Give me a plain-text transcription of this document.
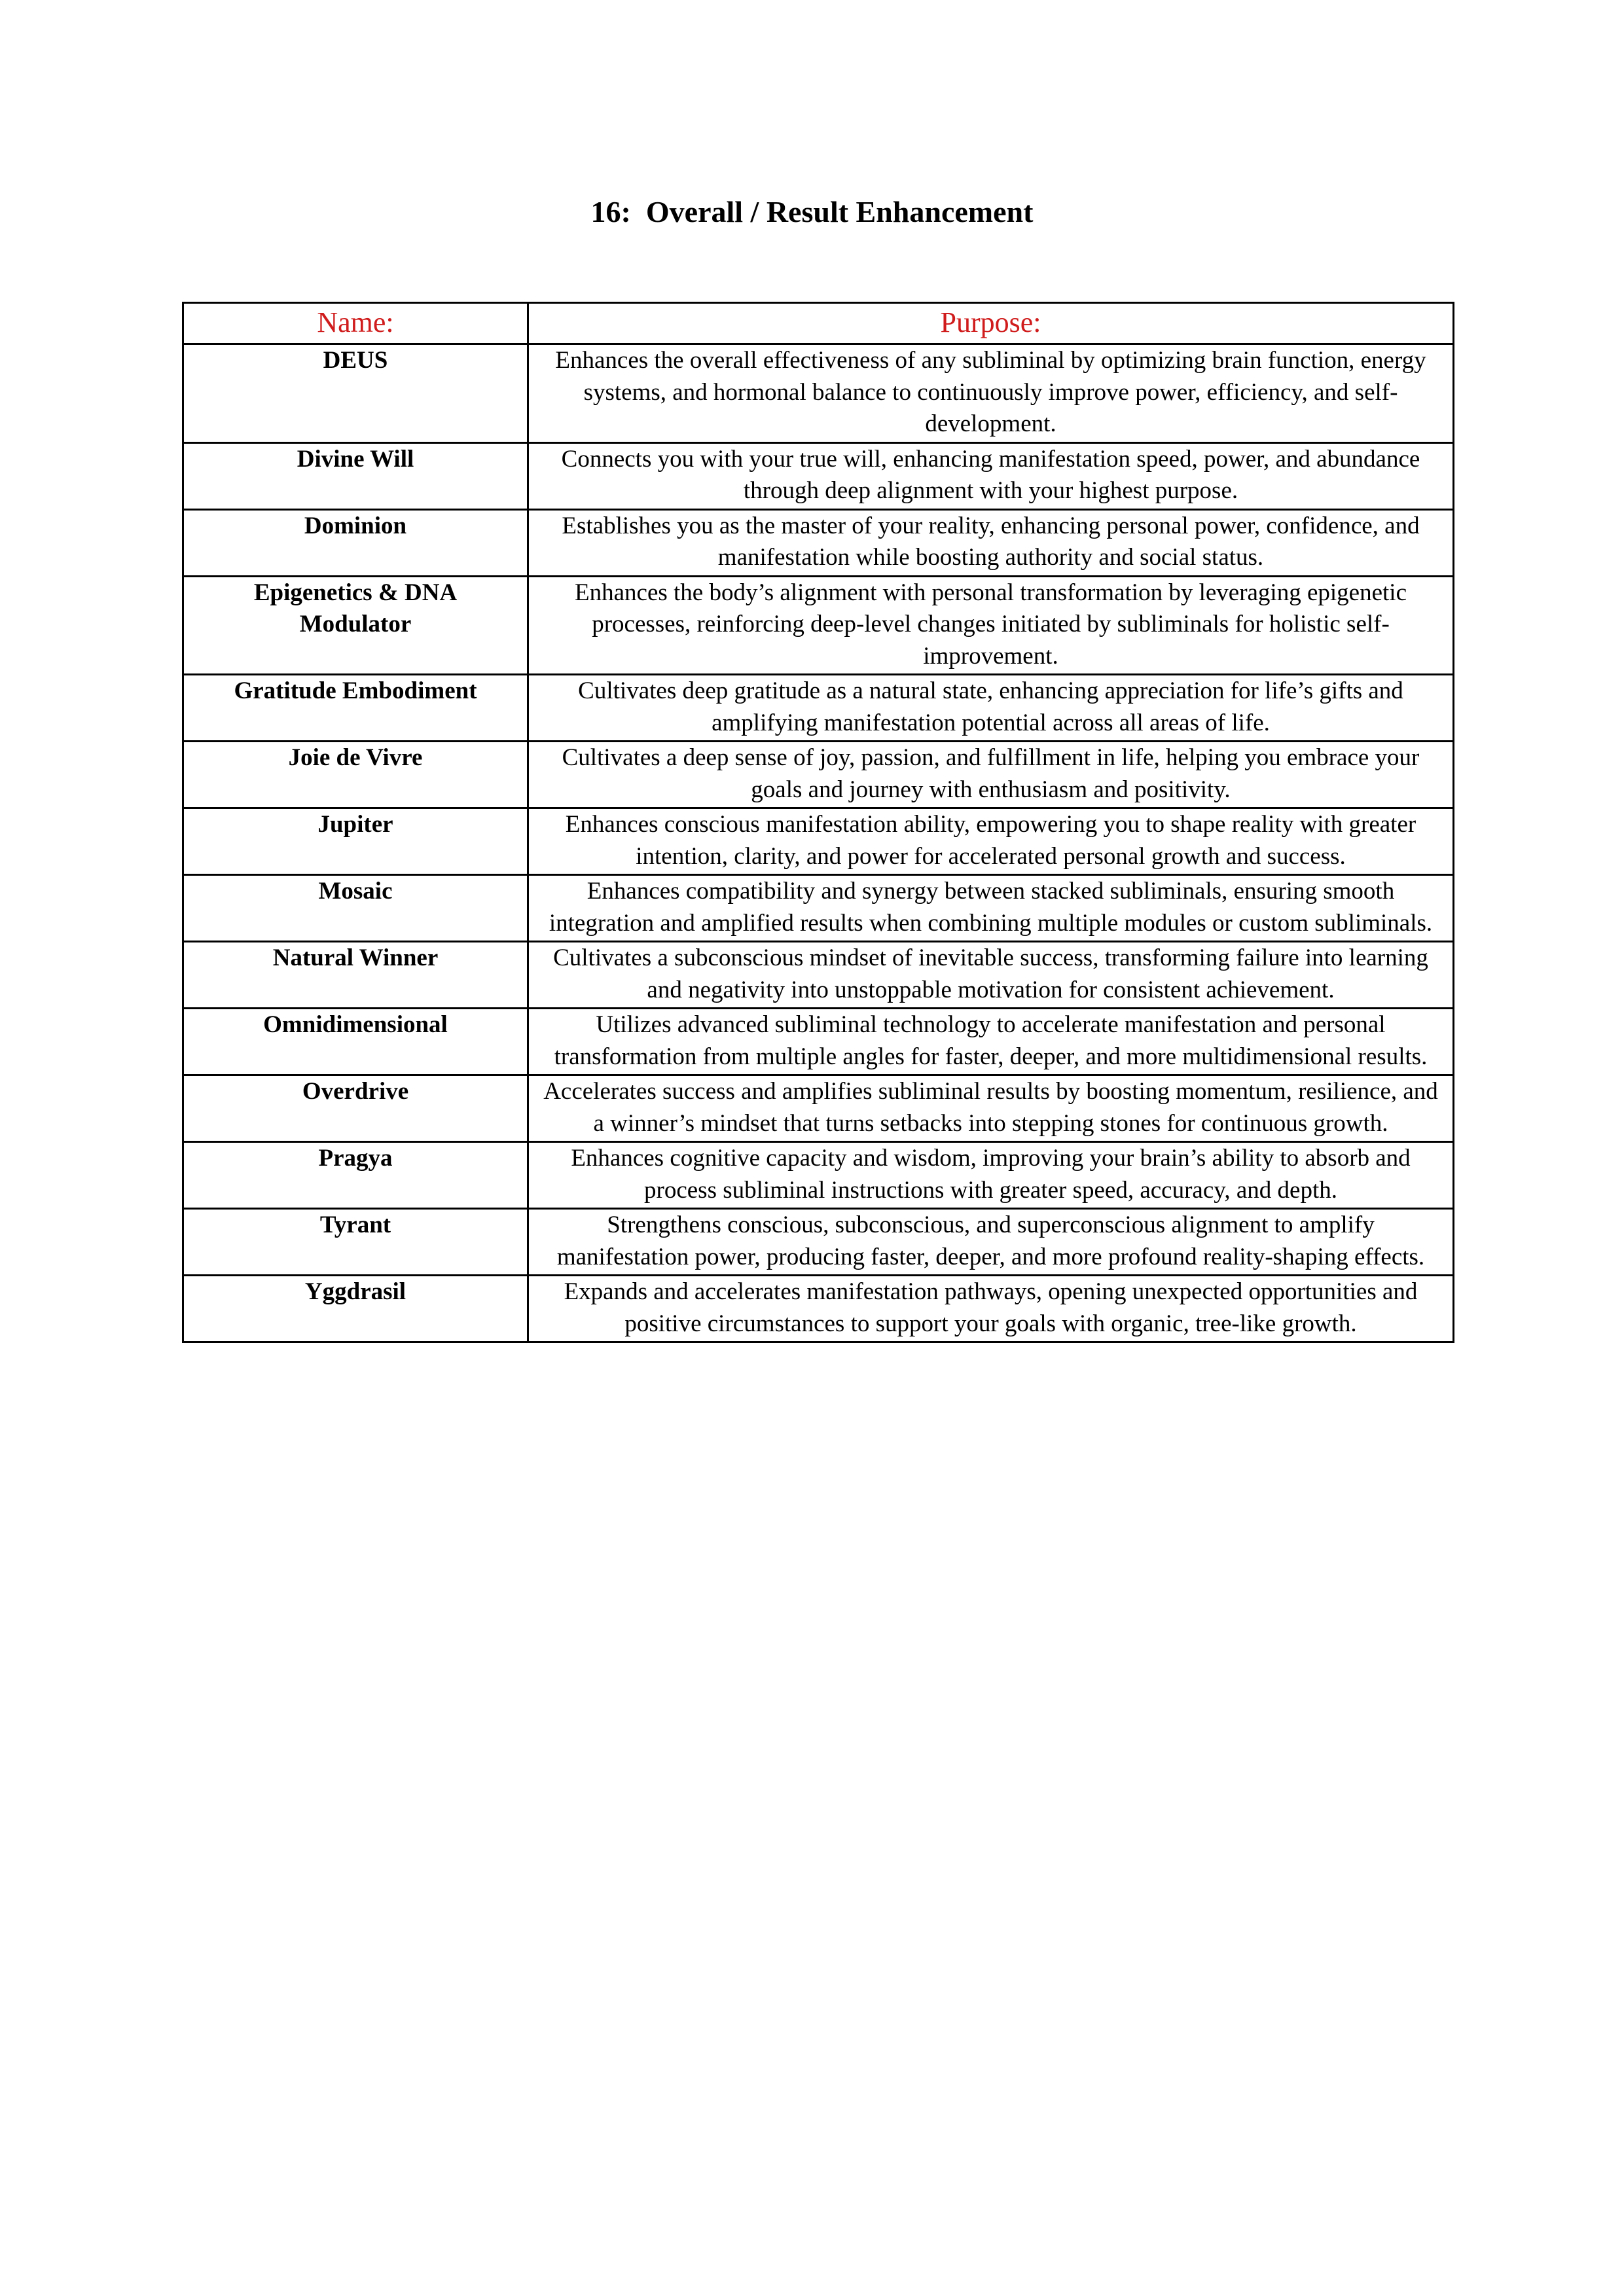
16:  Overall / Result Enhancement
Name:	Purpose:
DEUS	Enhances the overall effectiveness of any subliminal by optimizing brain function, energy systems, and hormonal balance to continuously improve power, efficiency, and self-development.
Divine Will	Connects you with your true will, enhancing manifestation speed, power, and abundance through deep alignment with your highest purpose.
Dominion	Establishes you as the master of your reality, enhancing personal power, confidence, and manifestation while boosting authority and social status.
Epigenetics & DNA Modulator	Enhances the body’s alignment with personal transformation by leveraging epigenetic processes, reinforcing deep-level changes initiated by subliminals for holistic self-improvement.
Gratitude Embodiment	Cultivates deep gratitude as a natural state, enhancing appreciation for life’s gifts and amplifying manifestation potential across all areas of life.
Joie de Vivre	Cultivates a deep sense of joy, passion, and fulfillment in life, helping you embrace your goals and journey with enthusiasm and positivity.
Jupiter	Enhances conscious manifestation ability, empowering you to shape reality with greater intention, clarity, and power for accelerated personal growth and success.
Mosaic	Enhances compatibility and synergy between stacked subliminals, ensuring smooth integration and amplified results when combining multiple modules or custom subliminals.
Natural Winner	Cultivates a subconscious mindset of inevitable success, transforming failure into learning and negativity into unstoppable motivation for consistent achievement.
Omnidimensional	Utilizes advanced subliminal technology to accelerate manifestation and personal transformation from multiple angles for faster, deeper, and more multidimensional results.
Overdrive	Accelerates success and amplifies subliminal results by boosting momentum, resilience, and a winner’s mindset that turns setbacks into stepping stones for continuous growth.
Pragya	Enhances cognitive capacity and wisdom, improving your brain’s ability to absorb and process subliminal instructions with greater speed, accuracy, and depth.
Tyrant	Strengthens conscious, subconscious, and superconscious alignment to amplify manifestation power, producing faster, deeper, and more profound reality-shaping effects.
Yggdrasil	Expands and accelerates manifestation pathways, opening unexpected opportunities and positive circumstances to support your goals with organic, tree-like growth.
